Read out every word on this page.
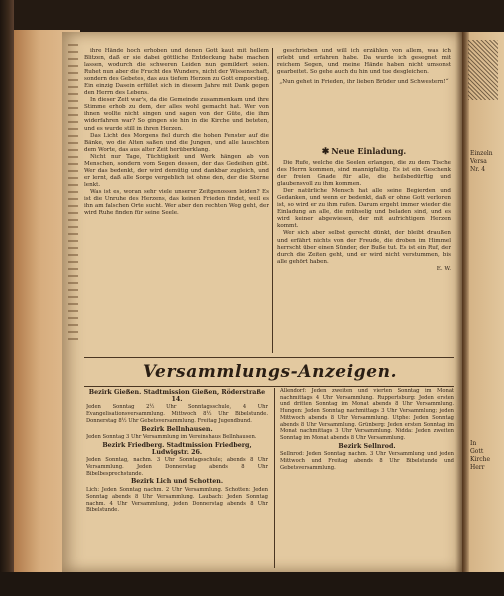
ihre Hände hoch erhoben und denen Gott kaut mit hellem Blitzen, daß er sie dabei göttliche Entdeckung habe machen lassen, wodurch die schweren Leiden nun gemildert seien. Ruhet nun aber die Frucht des Wunders, nicht der Wissenschaft, sondern des Gebetes, das aus tiefem Herzen zu Gott emporstieg. Ein einzig Dasein erfüllet sich in diesem Jahre mit Dank gegen den Herrn des Lebens.

In dieser Zeit war's, da die Gemeinde zusammenkam und ihre Stimme erhob zu dem, der alles wohl gemacht hat. Wer von ihnen wollte nicht singen und sagen von der Güte, die ihm widerfahren war? So gingen sie hin in die Kirche und beteten, und es wurde still in ihren Herzen.

Das Licht des Morgens fiel durch die hohen Fenster auf die Bänke, wo die Alten saßen und die Jungen, und alle lauschten dem Worte, das aus alter Zeit herüberklang.

Nicht nur Tage, Tüchtigkeit und Werk hängen ab von Menschen, sondern vom Segen dessen, der das Gedeihen gibt. Wer das bedenkt, der wird demütig und dankbar zugleich, und er lernt, daß alle Sorge vergeblich ist ohne den, der die Sterne lenkt.

Was ist es, woran sehr viele unserer Zeitgenossen leiden? Es ist die Unruhe des Herzens, das keinen Frieden findet, weil es ihn am falschen Orte sucht. Wer aber den rechten Weg geht, der wird Ruhe finden für seine Seele.

geschrieben und will ich erzählen von allem, was ich erlebt und erfahren habe. Da wurde ich gesegnet mit reichem Segen, und meine Hände haben nicht umsonst gearbeitet. So gehe auch du hin und tue desgleichen.

„Nun gehet in Frieden, ihr lieben Brüder und Schwestern!“
✱ Neue Einladung.

Die Rufe, welche die Seelen erlangen, die zu dem Tische des Herrn kommen, sind mannigfaltig. Es ist ein Geschenk der freien Gnade für alle, die heilsbedürftig und glaubensvoll zu ihm kommen.

Der natürliche Mensch hat alle seine Begierden und Gedanken, und wenn er bedenkt, daß er ohne Gott verloren ist, so wird er zu ihm rufen. Darum ergeht immer wieder die Einladung an alle, die mühselig und beladen sind, und es wird keiner abgewiesen, der mit aufrichtigem Herzen kommt.

Wer sich aber selbst gerecht dünkt, der bleibt draußen und erfährt nichts von der Freude, die droben im Himmel herrscht über einen Sünder, der Buße tut. Es ist ein Ruf, der durch die Zeiten geht, und er wird nicht verstummen, bis alle gehört haben.

E. W.
Versammlungs-Anzeigen.
Bezirk Gießen. Stadtmission Gießen, Röderstraße 14.
Jeden Sonntag 2½ Uhr Sonntagsschule, 4 Uhr Evangelisationsversammlung. Mittwoch 8½ Uhr Bibelstunde. Donnerstag 8½ Uhr Gebetsversammlung. Freitag Jugendbund.
Bezirk Bellnhausen.
Jeden Sonntag 3 Uhr Versammlung im Vereinshaus Bellnhausen.
Bezirk Friedberg. Stadtmission Friedberg, Ludwigstr. 26.
Jeden Sonntag, nachm. 3 Uhr Sonntagsschule; abends 8 Uhr Versammlung. Jeden Donnerstag abends 8 Uhr Bibelbesprechstunde.
Bezirk Lich und Schotten.
Lich: Jeden Sonntag nachm. 2 Uhr Versammlung. Schotten: Jeden Sonntag abends 8 Uhr Versammlung. Laubach: Jeden Sonntag nachm. 4 Uhr Versammlung, jeden Donnerstag abends 8 Uhr Bibelstunde.
Allendorf: Jeden zweiten und vierten Sonntag im Monat nachmittags 4 Uhr Versammlung. Ruppertsburg: Jeden ersten und dritten Sonntag im Monat abends 8 Uhr Versammlung. Hungen: Jeden Sonntag nachmittags 3 Uhr Versammlung; jeden Mittwoch abends 8 Uhr Versammlung. Utphe: Jeden Sonntag abends 8 Uhr Versammlung. Grünberg: Jeden ersten Sonntag im Monat nachmittags 3 Uhr Versammlung. Nidda: Jeden zweiten Sonntag im Monat abends 8 Uhr Versammlung.
Bezirk Sellnrod.
Sellnrod: Jeden Sonntag nachm. 3 Uhr Versammlung und jeden Mittwoch und Freitag abends 8 Uhr Bibelstunde und Gebetsversammlung.
Einzeln
Versa
Nr. 4
In
Gott
Kirche
Herr
